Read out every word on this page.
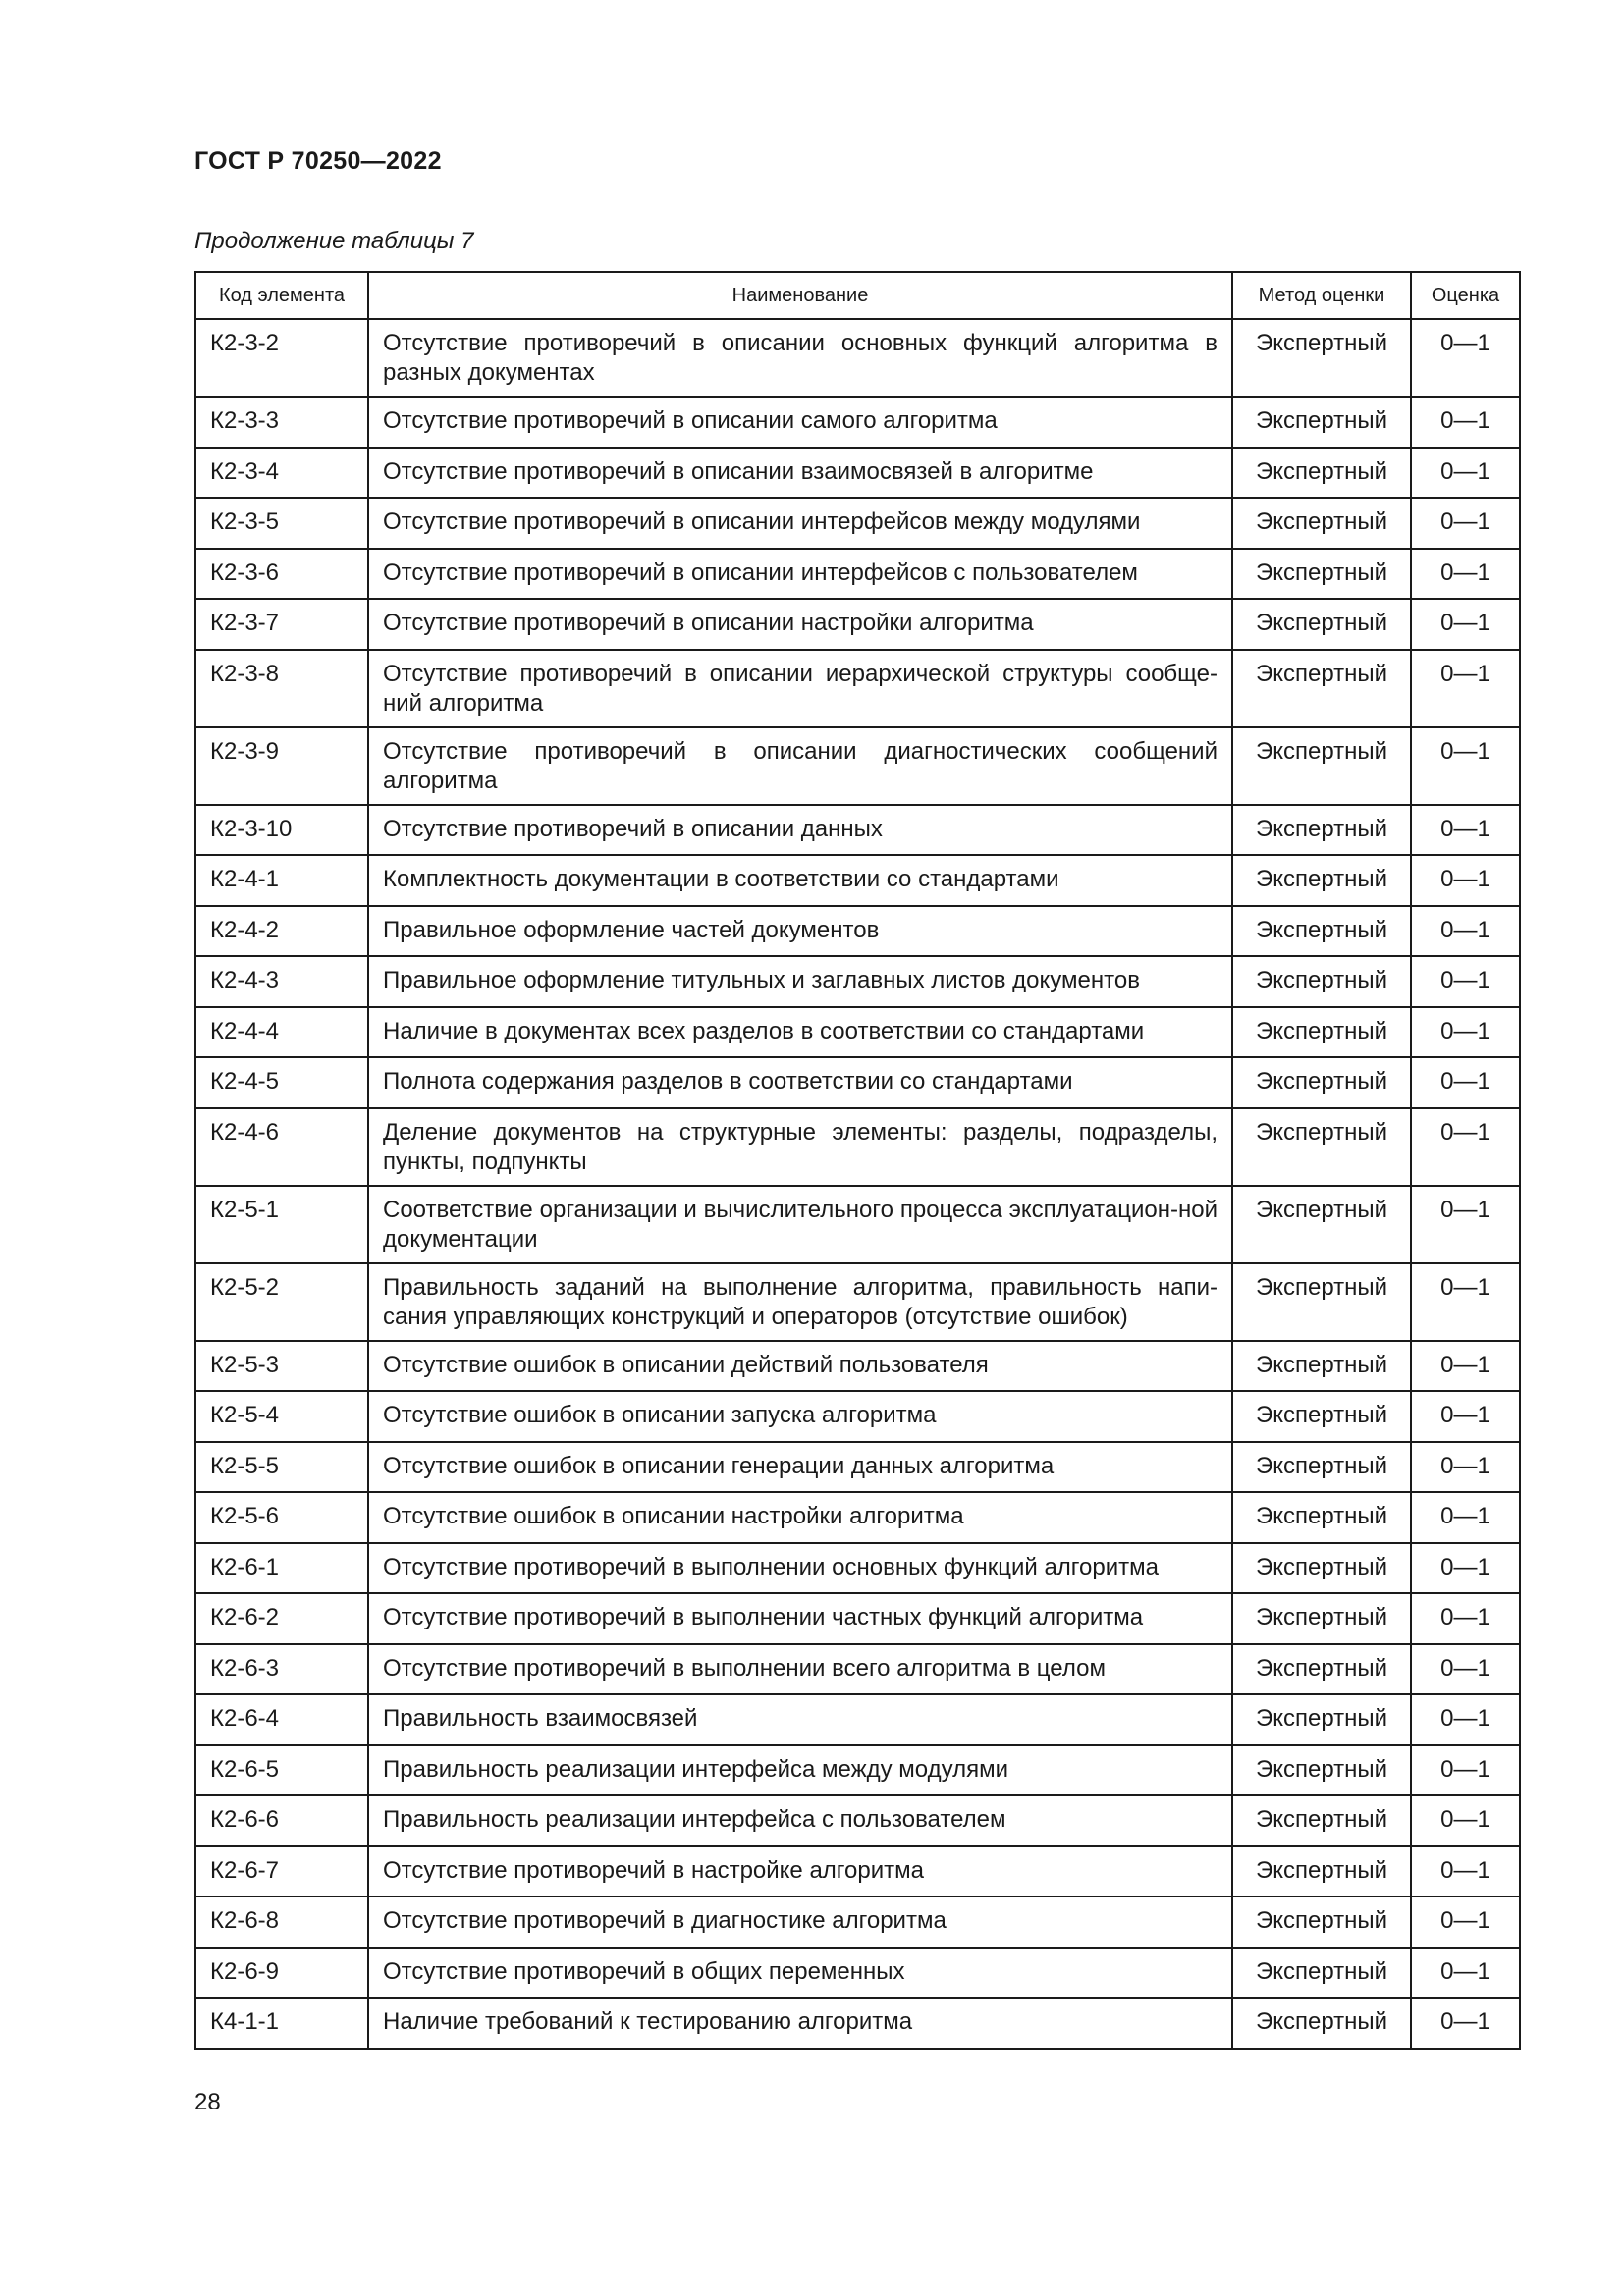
ГОСТ Р 70250—2022

Продолжение таблицы 7

Код элемента	Наименование	Метод оценки	Оценка
К2-3-2	Отсутствие противоречий в описании основных функций алгоритма в разных документах	Экспертный	0—1
К2-3-3	Отсутствие противоречий в описании самого алгоритма	Экспертный	0—1
К2-3-4	Отсутствие противоречий в описании взаимосвязей в алгоритме	Экспертный	0—1
К2-3-5	Отсутствие противоречий в описании интерфейсов между модулями	Экспертный	0—1
К2-3-6	Отсутствие противоречий в описании интерфейсов с пользователем	Экспертный	0—1
К2-3-7	Отсутствие противоречий в описании настройки алгоритма	Экспертный	0—1
К2-3-8	Отсутствие противоречий в описании иерархической структуры сообще-ний алгоритма	Экспертный	0—1
К2-3-9	Отсутствие противоречий в описании диагностических сообщений алгоритма	Экспертный	0—1
К2-3-10	Отсутствие противоречий в описании данных	Экспертный	0—1
К2-4-1	Комплектность документации в соответствии со стандартами	Экспертный	0—1
К2-4-2	Правильное оформление частей документов	Экспертный	0—1
К2-4-3	Правильное оформление титульных и заглавных листов документов	Экспертный	0—1
К2-4-4	Наличие в документах всех разделов в соответствии со стандартами	Экспертный	0—1
К2-4-5	Полнота содержания разделов в соответствии со стандартами	Экспертный	0—1
К2-4-6	Деление документов на структурные элементы: разделы, подразделы, пункты, подпункты	Экспертный	0—1
К2-5-1	Соответствие организации и вычислительного процесса эксплуатацион-ной документации	Экспертный	0—1
К2-5-2	Правильность заданий на выполнение алгоритма, правильность напи-сания управляющих конструкций и операторов (отсутствие ошибок)	Экспертный	0—1
К2-5-3	Отсутствие ошибок в описании действий пользователя	Экспертный	0—1
К2-5-4	Отсутствие ошибок в описании запуска алгоритма	Экспертный	0—1
К2-5-5	Отсутствие ошибок в описании генерации данных алгоритма	Экспертный	0—1
К2-5-6	Отсутствие ошибок в описании настройки алгоритма	Экспертный	0—1
К2-6-1	Отсутствие противоречий в выполнении основных функций алгоритма	Экспертный	0—1
К2-6-2	Отсутствие противоречий в выполнении частных функций алгоритма	Экспертный	0—1
К2-6-3	Отсутствие противоречий в выполнении всего алгоритма в целом	Экспертный	0—1
К2-6-4	Правильность взаимосвязей	Экспертный	0—1
К2-6-5	Правильность реализации интерфейса между модулями	Экспертный	0—1
К2-6-6	Правильность реализации интерфейса с пользователем	Экспертный	0—1
К2-6-7	Отсутствие противоречий в настройке алгоритма	Экспертный	0—1
К2-6-8	Отсутствие противоречий в диагностике алгоритма	Экспертный	0—1
К2-6-9	Отсутствие противоречий в общих переменных	Экспертный	0—1
К4-1-1	Наличие требований к тестированию алгоритма	Экспертный	0—1

28
